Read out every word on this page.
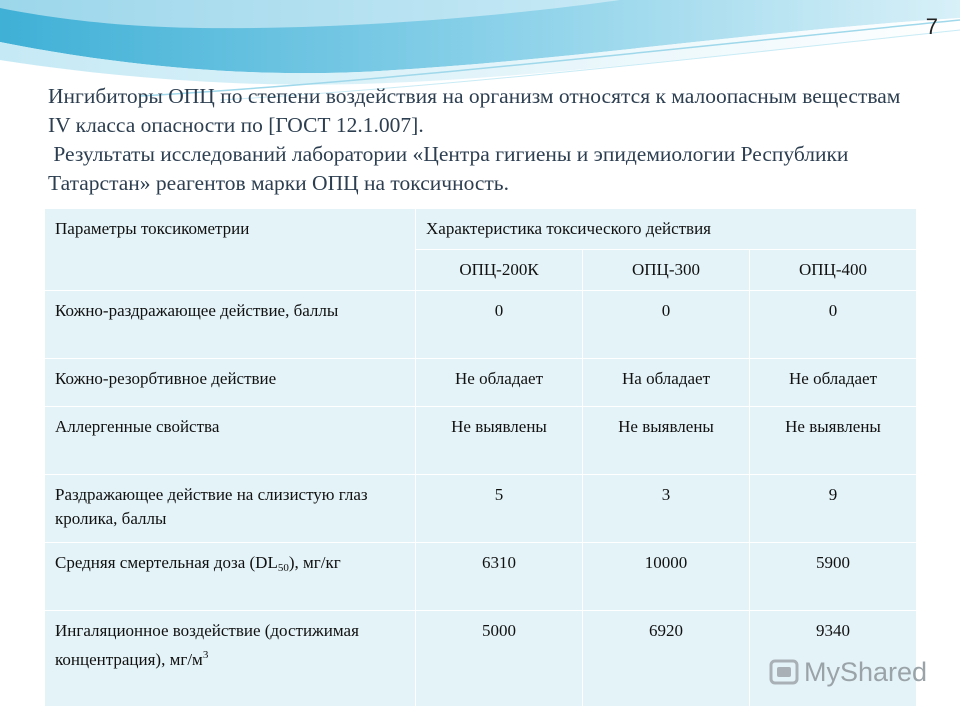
7

Ингибиторы ОПЦ по степени воздействия на организм относятся к малоопасным веществам IV класса опасности по [ГОСТ 12.1.007].

Результаты исследований лаборатории «Центра гигиены и эпидемиологии Республики Татарстан» реагентов марки ОПЦ на токсичность.

Параметры токсикометрии	Характеристика токсического действия		
	ОПЦ-200К	ОПЦ-300	ОПЦ-400
Кожно-раздражающее действие, баллы	0	0	0
Кожно-резорбтивное действие	Не обладает	На обладает	Не обладает
Аллергенные свойства	Не выявлены	Не выявлены	Не выявлены
Раздражающее действие на слизистую глаз кролика, баллы	5	3	9
Средняя смертельная доза $(DL_{50})$, мг/кг	6310	10000	5900
Ингаляционное воздействие (достижимая концентрация), $мг/м^3$	5000	6920	9340
MyShared
